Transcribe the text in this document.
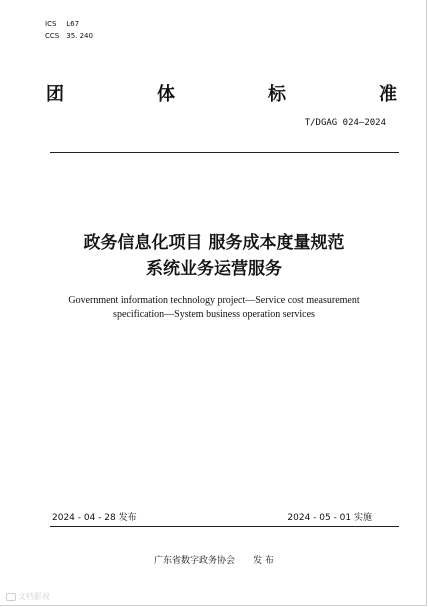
ICS L67
CCS 35. 240
团	体	标	准
T/DGAG 024—2024
政务信息化项目 服务成本度量规范
系统业务运营服务
Government information technology project—Service cost measurement
specification—System business operation services
2024 - 04 - 28 发布	2024 - 05 - 01 实施
广东省数字政务协会 发 布
文档影视
